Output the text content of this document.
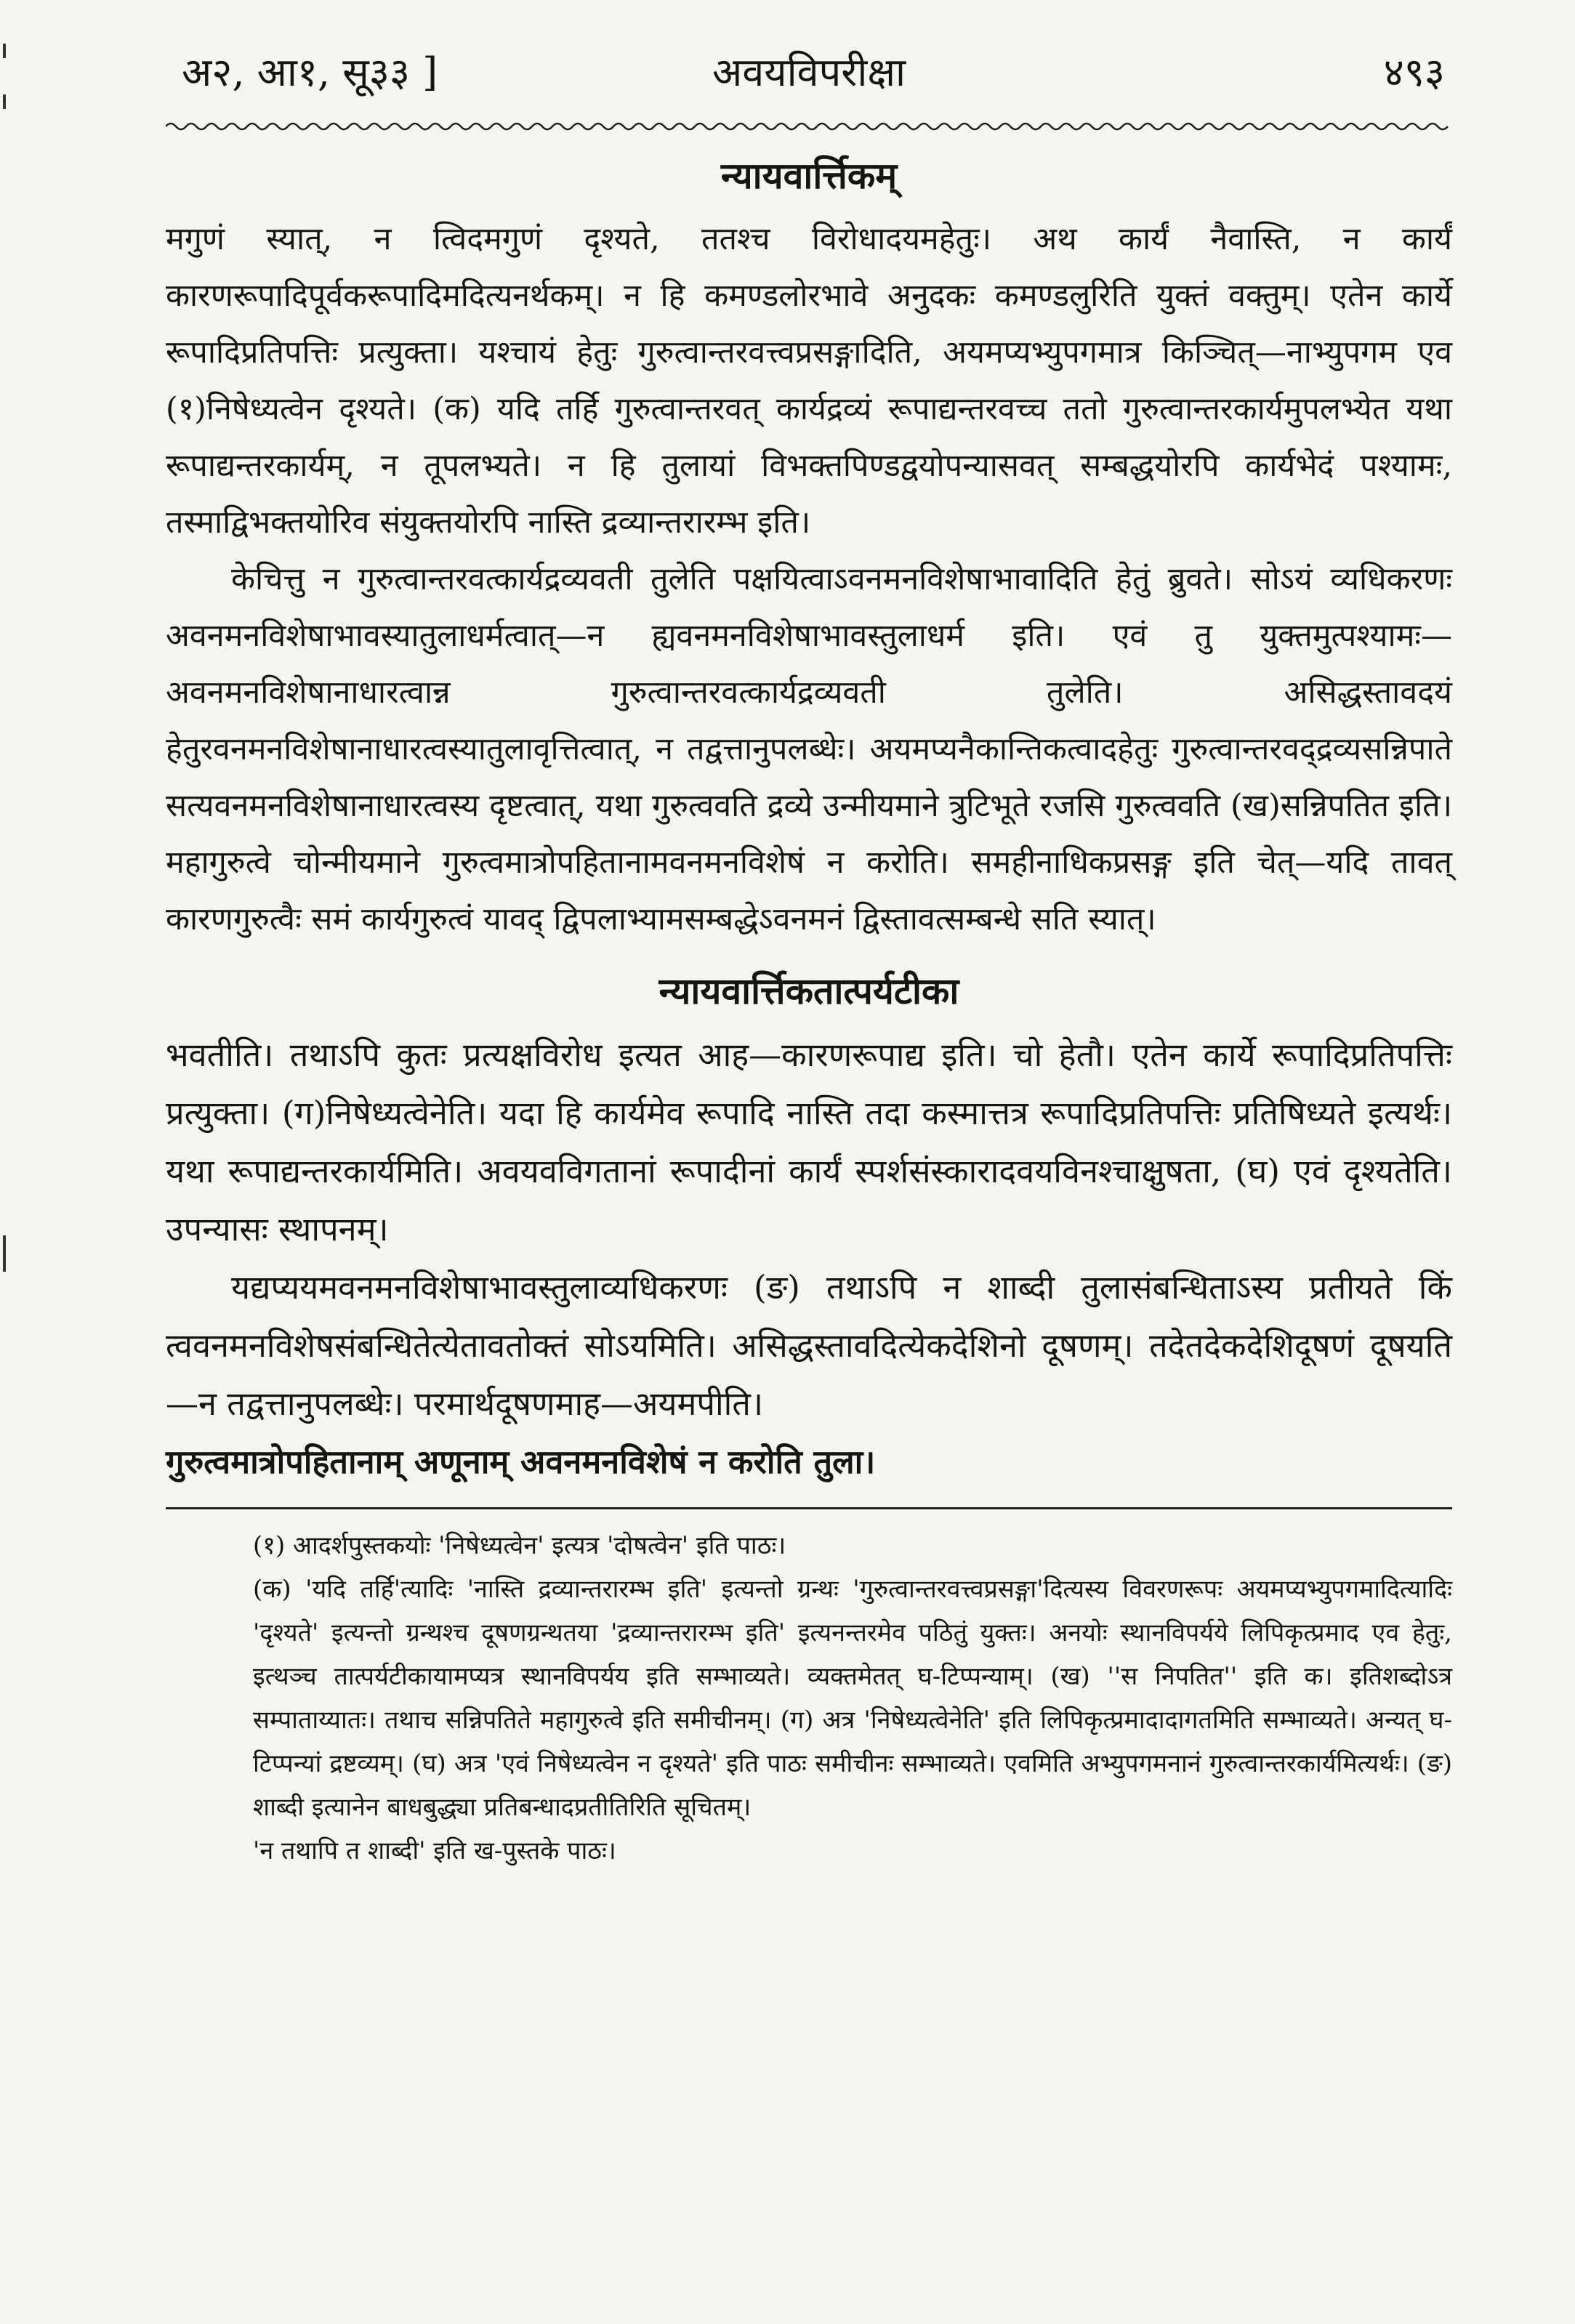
अ२, आ१, सू३३ ]	अवयविपरीक्षा	४९३
न्यायवार्त्तिकम्

मगुणं स्यात्, न त्विदमगुणं दृश्यते, ततश्च विरोधादयमहेतुः। अथ कार्यं नैवास्ति, न कार्यं कारणरूपादिपूर्वकरूपादिमदित्यनर्थकम्। न हि कमण्डलोरभावे अनुदकः कमण्डलुरिति युक्तं वक्तुम्। एतेन कार्ये रूपादिप्रतिपत्तिः प्रत्युक्ता। यश्चायं हेतुः गुरुत्वान्तरवत्त्वप्रसङ्गादिति, अयमप्यभ्युपगमात्र किञ्चित्—नाभ्युपगम एव (१)निषेध्यत्वेन दृश्यते। (क) यदि तर्हि गुरुत्वान्तरवत् कार्यद्रव्यं रूपाद्यन्तरवच्च ततो गुरुत्वान्तरकार्यमुपलभ्येत यथा रूपाद्यन्तरकार्यम्, न तूपलभ्यते। न हि तुलायां विभक्तपिण्डद्वयोपन्यासवत् सम्बद्धयोरपि कार्यभेदं पश्यामः, तस्माद्विभक्तयोरिव संयुक्तयोरपि नास्ति द्रव्यान्तरारम्भ इति।

केचित्तु न गुरुत्वान्तरवत्कार्यद्रव्यवती तुलेति पक्षयित्वाऽवनमनविशेषाभावादिति हेतुं ब्रुवते। सोऽयं व्यधिकरणः अवनमनविशेषाभावस्यातुलाधर्मत्वात्—न ह्यवनमनविशेषाभावस्तुलाधर्म इति। एवं तु युक्तमुत्पश्यामः—अवनमनविशेषानाधारत्वान्न गुरुत्वान्तरवत्कार्यद्रव्यवती तुलेति। असिद्धस्तावदयं हेतुरवनमनविशेषानाधारत्वस्यातुलावृत्तित्वात्, न तद्वत्तानुपलब्धेः। अयमप्यनैकान्तिकत्वादहेतुः गुरुत्वान्तरवद्द्रव्यसन्निपाते सत्यवनमनविशेषानाधारत्वस्य दृष्टत्वात्, यथा गुरुत्ववति द्रव्ये उन्मीयमाने त्रुटिभूते रजसि गुरुत्ववति (ख)सन्निपतित इति। महागुरुत्वे चोन्मीयमाने गुरुत्वमात्रोपहितानामवनमनविशेषं न करोति। समहीनाधिकप्रसङ्ग इति चेत्—यदि तावत् कारणगुरुत्वैः समं कार्यगुरुत्वं यावद् द्विपलाभ्यामसम्बद्धेऽवनमनं द्विस्तावत्सम्बन्धे सति स्यात्।

न्यायवार्त्तिकतात्पर्यटीका

भवतीति। तथाऽपि कुतः प्रत्यक्षविरोध इत्यत आह—कारणरूपाद्य इति। चो हेतौ। एतेन कार्ये रूपादिप्रतिपत्तिः प्रत्युक्ता। (ग)निषेध्यत्वेनेति। यदा हि कार्यमेव रूपादि नास्ति तदा कस्मात्तत्र रूपादिप्रतिपत्तिः प्रतिषिध्यते इत्यर्थः। यथा रूपाद्यन्तरकार्यमिति। अवयवविगतानां रूपादीनां कार्यं स्पर्शसंस्कारादवयविनश्चाक्षुषता, (घ) एवं दृश्यतेति। उपन्यासः स्थापनम्।

यद्यप्ययमवनमनविशेषाभावस्तुलाव्यधिकरणः (ङ) तथाऽपि न शाब्दी तुलासंबन्धिताऽस्य प्रतीयते किं त्ववनमनविशेषसंबन्धितेत्येतावतोक्तं सोऽयमिति। असिद्धस्तावदित्येकदेशिनो दूषणम्। तदेतदेकदेशिदूषणं दूषयति—न तद्वत्तानुपलब्धेः। परमार्थदूषणमाह—अयमपीति।

गुरुत्वमात्रोपहितानाम् अणूनाम् अवनमनविशेषं न करोति तुला।

(१) आदर्शपुस्तकयोः 'निषेध्यत्वेन' इत्यत्र 'दोषत्वेन' इति पाठः।

(क) 'यदि तर्हि'त्यादिः 'नास्ति द्रव्यान्तरारम्भ इति' इत्यन्तो ग्रन्थः 'गुरुत्वान्तरवत्त्वप्रसङ्गा'दित्यस्य विवरणरूपः अयमप्यभ्युपगमादित्यादिः 'दृश्यते' इत्यन्तो ग्रन्थश्च दूषणग्रन्थतया 'द्रव्यान्तरारम्भ इति' इत्यनन्तरमेव पठितुं युक्तः। अनयोः स्थानविपर्यये लिपिकृत्प्रमाद एव हेतुः, इत्थञ्च तात्पर्यटीकायामप्यत्र स्थानविपर्यय इति सम्भाव्यते। व्यक्तमेतत् घ-टिप्पन्याम्। (ख) ''स निपतित'' इति क। इतिशब्दोऽत्र सम्पाताय्यातः। तथाच सन्निपतिते महागुरुत्वे इति समीचीनम्। (ग) अत्र 'निषेध्यत्वेनेति' इति लिपिकृत्प्रमादादागतमिति सम्भाव्यते। अन्यत् घ-टिप्पन्यां द्रष्टव्यम्। (घ) अत्र 'एवं निषेध्यत्वेन न दृश्यते' इति पाठः समीचीनः सम्भाव्यते। एवमिति अभ्युपगमनानं गुरुत्वान्तरकार्यमित्यर्थः। (ङ) शाब्दी इत्यानेन बाधबुद्ध्या प्रतिबन्धादप्रतीतिरिति सूचितम्।

'न तथापि त शाब्दी' इति ख-पुस्तके पाठः।
